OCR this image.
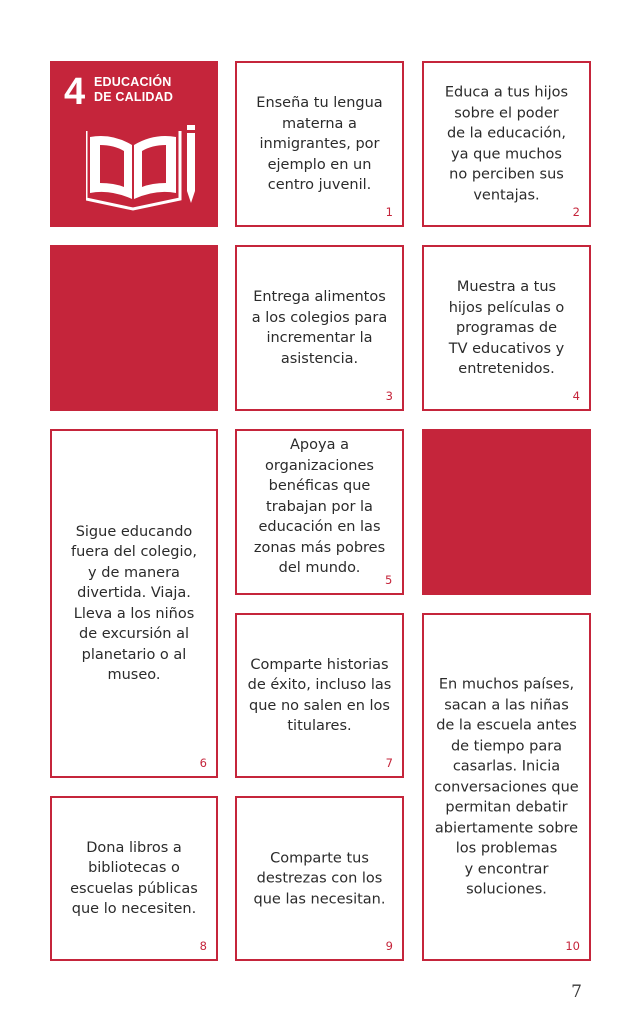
4 EDUCACIÓN
DE CALIDAD	Enseña tu lengua
materna a
inmigrantes, por
ejemplo en un
centro juvenil.
1
Educa a tus hijos
sobre el poder
de la educación,
ya que muchos
no perciben sus
ventajas.
2
Entrega alimentos
a los colegios para
incrementar la
asistencia.
3
Muestra a tus
hijos películas o
programas de
TV educativos y
entretenidos.
4
Sigue educando
fuera del colegio,
y de manera
divertida. Viaja.
Lleva a los niños
de excursión al
planetario o al
museo.
6
Apoya a
organizaciones
benéficas que
trabajan por la
educación en las
zonas más pobres
del mundo.
5
Comparte historias
de éxito, incluso las
que no salen en los
titulares.
7
En muchos países,
sacan a las niñas
de la escuela antes
de tiempo para
casarlas. Inicia
conversaciones que
permitan debatir
abiertamente sobre
los problemas
y encontrar
soluciones.
10
Dona libros a
bibliotecas o
escuelas públicas
que lo necesiten.
8
Comparte tus
destrezas con los
que las necesitan.
9
7
